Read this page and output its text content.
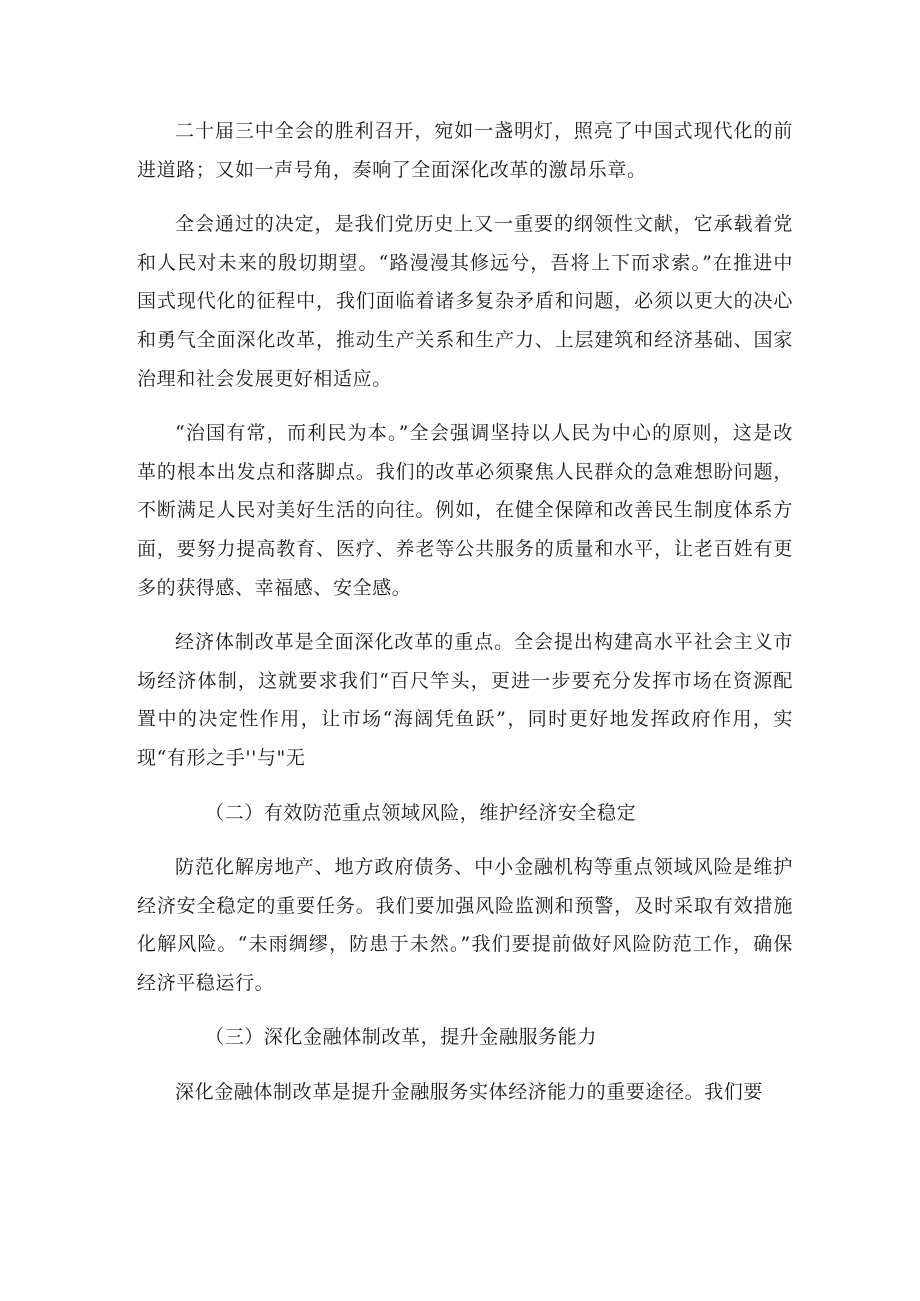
二十届三中全会的胜利召开，宛如一盏明灯，照亮了中国式现代化的前进道路；又如一声号角，奏响了全面深化改革的激昂乐章。

全会通过的决定，是我们党历史上又一重要的纲领性文献，它承载着党和人民对未来的殷切期望。“路漫漫其修远兮，吾将上下而求索。”在推进中国式现代化的征程中，我们面临着诸多复杂矛盾和问题，必须以更大的决心和勇气全面深化改革，推动生产关系和生产力、上层建筑和经济基础、国家治理和社会发展更好相适应。

“治国有常，而利民为本。”全会强调坚持以人民为中心的原则，这是改革的根本出发点和落脚点。我们的改革必须聚焦人民群众的急难想盼问题，不断满足人民对美好生活的向往。例如，在健全保障和改善民生制度体系方面，要努力提高教育、医疗、养老等公共服务的质量和水平，让老百姓有更多的获得感、幸福感、安全感。

经济体制改革是全面深化改革的重点。全会提出构建高水平社会主义市场经济体制，这就要求我们“百尺竿头，更进一步要充分发挥市场在资源配置中的决定性作用，让市场“海阔凭鱼跃”，同时更好地发挥政府作用，实现“有形之手''与"无

（二）有效防范重点领域风险，维护经济安全稳定

防范化解房地产、地方政府债务、中小金融机构等重点领域风险是维护经济安全稳定的重要任务。我们要加强风险监测和预警，及时采取有效措施化解风险。“未雨绸缪，防患于未然。”我们要提前做好风险防范工作，确保经济平稳运行。

（三）深化金融体制改革，提升金融服务能力

深化金融体制改革是提升金融服务实体经济能力的重要途径。我们要
